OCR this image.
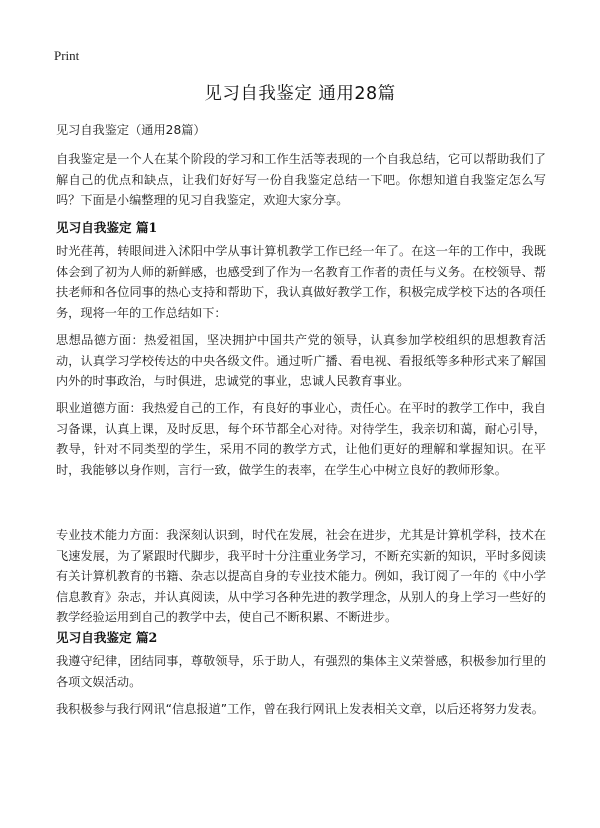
Print
见习自我鉴定 通用28篇
见习自我鉴定（通用28篇）

自我鉴定是一个人在某个阶段的学习和工作生活等表现的一个自我总结，它可以帮助我们了解自己的优点和缺点，让我们好好写一份自我鉴定总结一下吧。你想知道自我鉴定怎么写吗？下面是小编整理的见习自我鉴定，欢迎大家分享。

见习自我鉴定 篇1

时光荏苒，转眼间进入沭阳中学从事计算机教学工作已经一年了。在这一年的工作中，我既体会到了初为人师的新鲜感，也感受到了作为一名教育工作者的责任与义务。在校领导、帮扶老师和各位同事的热心支持和帮助下，我认真做好教学工作，积极完成学校下达的各项任务，现将一年的工作总结如下：

思想品德方面：热爱祖国，坚决拥护中国共产党的领导，认真参加学校组织的思想教育活动，认真学习学校传达的中央各级文件。通过听广播、看电视、看报纸等多种形式来了解国内外的时事政治，与时俱进，忠诚党的事业，忠诚人民教育事业。

职业道德方面：我热爱自己的工作，有良好的事业心，责任心。在平时的教学工作中，我自习备课，认真上课，及时反思，每个环节都全心对待。对待学生，我亲切和蔼，耐心引导，教导，针对不同类型的学生，采用不同的教学方式，让他们更好的理解和掌握知识。在平时，我能够以身作则，言行一致，做学生的表率，在学生心中树立良好的教师形象。

专业技术能力方面：我深刻认识到，时代在发展，社会在进步，尤其是计算机学科，技术在飞速发展，为了紧跟时代脚步，我平时十分注重业务学习，不断充实新的知识，平时多阅读有关计算机教育的书籍、杂志以提高自身的专业技术能力。例如，我订阅了一年的《中小学信息教育》杂志，并认真阅读，从中学习各种先进的教学理念，从别人的身上学习一些好的教学经验运用到自己的教学中去，使自己不断积累、不断进步。

见习自我鉴定 篇2

我遵守纪律，团结同事，尊敬领导，乐于助人，有强烈的集体主义荣誉感，积极参加行里的各项文娱活动。

我积极参与我行网讯“信息报道”工作，曾在我行网讯上发表相关文章，以后还将努力发表。
